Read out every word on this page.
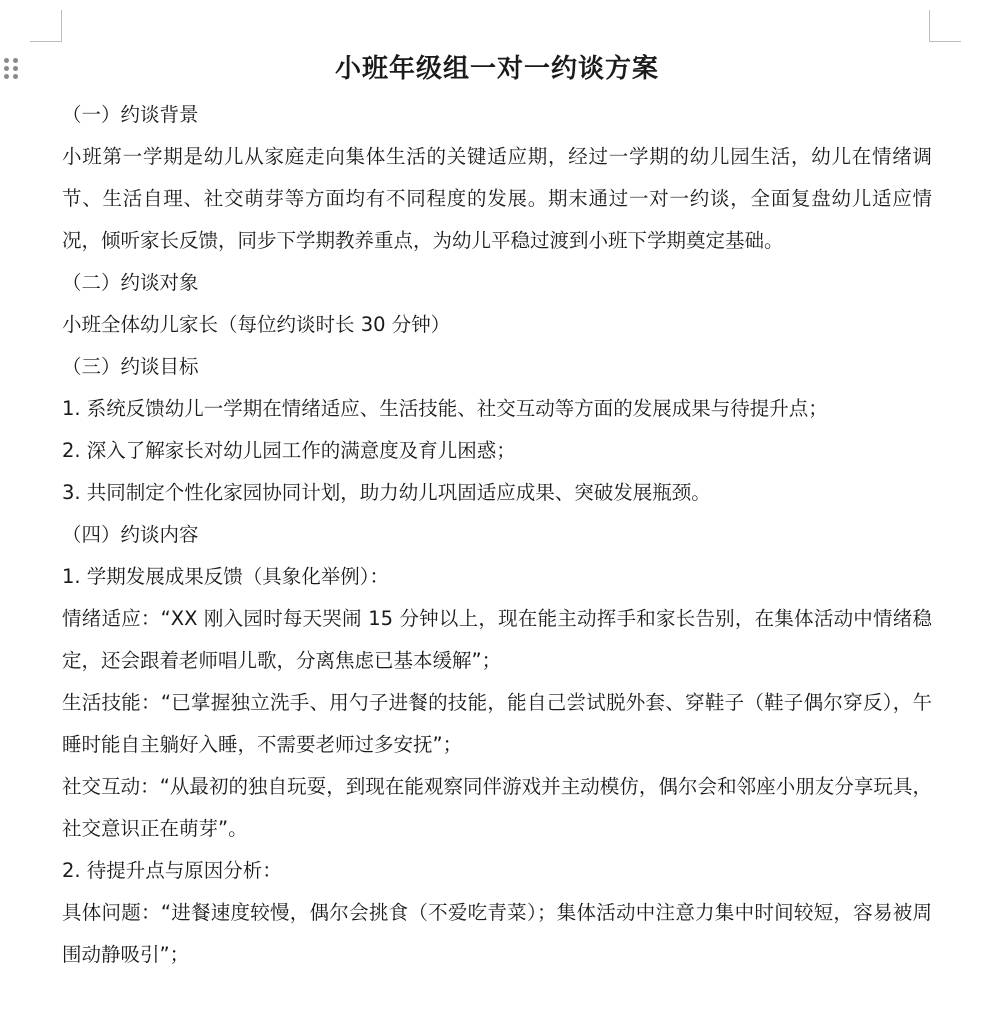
小班年级组一对一约谈方案

（一）约谈背景

小班第一学期是幼儿从家庭走向集体生活的关键适应期，经过一学期的幼儿园生活，幼儿在情绪调节、生活自理、社交萌芽等方面均有不同程度的发展。期末通过一对一约谈，全面复盘幼儿适应情况，倾听家长反馈，同步下学期教养重点，为幼儿平稳过渡到小班下学期奠定基础。

（二）约谈对象

小班全体幼儿家长（每位约谈时长 30 分钟）

（三）约谈目标

1. 系统反馈幼儿一学期在情绪适应、生活技能、社交互动等方面的发展成果与待提升点；

2. 深入了解家长对幼儿园工作的满意度及育儿困惑；

3. 共同制定个性化家园协同计划，助力幼儿巩固适应成果、突破发展瓶颈。

（四）约谈内容

1. 学期发展成果反馈（具象化举例）：

情绪适应：“XX 刚入园时每天哭闹 15 分钟以上，现在能主动挥手和家长告别，在集体活动中情绪稳定，还会跟着老师唱儿歌，分离焦虑已基本缓解”；

生活技能：“已掌握独立洗手、用勺子进餐的技能，能自己尝试脱外套、穿鞋子（鞋子偶尔穿反），午睡时能自主躺好入睡，不需要老师过多安抚”；

社交互动：“从最初的独自玩耍，到现在能观察同伴游戏并主动模仿，偶尔会和邻座小朋友分享玩具，社交意识正在萌芽”。

2. 待提升点与原因分析：

具体问题：“进餐速度较慢，偶尔会挑食（不爱吃青菜）；集体活动中注意力集中时间较短，容易被周围动静吸引”；
